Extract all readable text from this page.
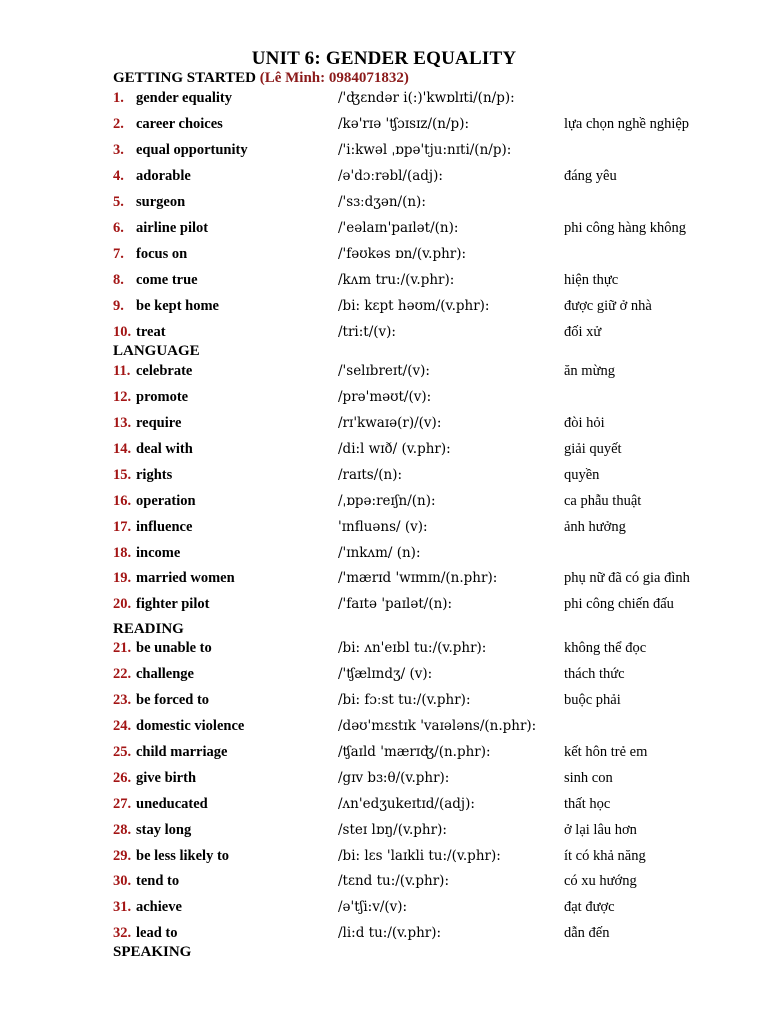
UNIT 6: GENDER EQUALITY
GETTING STARTED (Lê Minh: 0984071832)
LANGUAGE
READING
SPEAKING
1. gender equality	/'ʤɛndər i(:)'kwɒlɪti/(n/p):
2. career choices	/kə'rɪə 'ʧɔɪsɪz/(n/p):	lựa chọn nghề nghiệp
3. equal opportunity	/'i:kwəl ˌɒpə'tju:nɪti/(n/p):
4. adorable	/ə'dɔːrəbl/(adj):	đáng yêu
5. surgeon	/'sɜːdʒən/(n):
6. airline pilot	/'eəlaɪn'paɪlət/(n):	phi công hàng không
7. focus on	/'fəʊkəs ɒn/(v.phr):
8. come true	/kʌm tru:/(v.phr):	hiện thực
9. be kept home	/bi: kɛpt həʊm/(v.phr):	được giữ ở nhà
10. treat	/tri:t/(v):	đối xử
11. celebrate	/'selɪbreɪt/(v):	ăn mừng
12. promote	/prə'məʊt/(v):
13. require	/rɪ'kwaɪə(r)/(v):	đòi hỏi
14. deal with	/di:l wɪð/ (v.phr):	giải quyết
15. rights	/raɪts/(n):	quyền
16. operation	/ˌɒpə:reɪʃn/(n):	ca phẫu thuật
17. influence	'ɪnfluəns/ (v):	ảnh hưởng
18. income	/'ɪnkʌm/ (n):
19. married women	/'mærɪd 'wɪmɪn/(n.phr):	phụ nữ đã có gia đình
20. fighter pilot	/'faɪtə 'paɪlət/(n):	phi công chiến đấu
21. be unable to	/bi: ʌn'eɪbl tu:/(v.phr):	không thể đọc
22. challenge	/'ʧælɪndʒ/ (v):	thách thức
23. be forced to	/bi: fɔːst tu:/(v.phr):	buộc phải
24. domestic violence	/dəʊ'mɛstɪk 'vaɪələns/(n.phr):
25. child marriage	/ʧaɪld 'mærɪʤ/(n.phr):	kết hôn trẻ em
26. give birth	/gɪv bɜ:θ/(v.phr):	sinh con
27. uneducated	/ʌn'edʒukeɪtɪd/(adj):	thất học
28. stay long	/steɪ lɒŋ/(v.phr):	ở lại lâu hơn
29. be less likely to	/bi: lɛs 'laɪkli tu:/(v.phr):	ít có khả năng
30. tend to	/tɛnd tu:/(v.phr):	có xu hướng
31. achieve	/ə'tʃi:v/(v):	đạt được
32. lead to	/li:d tu:/(v.phr):	dẫn đến
